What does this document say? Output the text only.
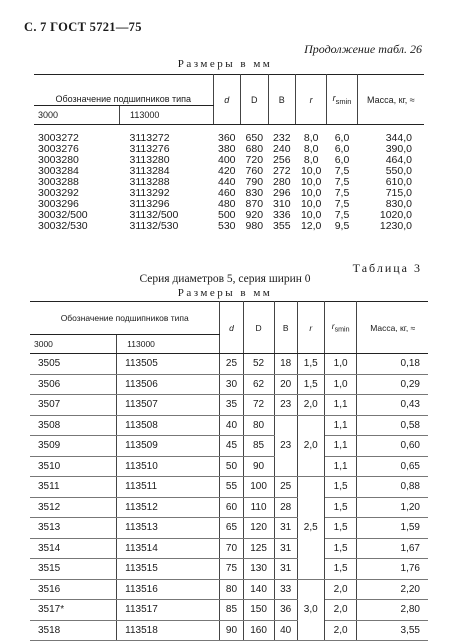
С. 7 ГОСТ 5721—75
Продолжение табл. 26
Размеры в мм
Обозначение подшипников типа		d	D	B	r	$r_{smin}$	Масса, кг, ≈
3000	113000						

3003272	3113272	360	650	232	8,0	6,0	344,0
3003276	3113276	380	680	240	8,0	6,0	390,0
3003280	3113280	400	720	256	8,0	6,0	464,0
3003284	3113284	420	760	272	10,0	7,5	550,0
3003288	3113288	440	790	280	10,0	7,5	610,0
3003292	3113292	460	830	296	10,0	7,5	715,0
3003296	3113296	480	870	310	10,0	7,5	830,0
30032/500	31132/500	500	920	336	10,0	7,5	1020,0
30032/530	31132/530	530	980	355	12,0	9,5	1230,0

Таблица 3
Серия диаметров 5, серия ширин 0
Размеры в мм
Обозначение подшипников типа		d	D	B	r	$r_{smin}$	Масса, кг, ≈
3000	113000						
3505	113505	25	52	18	1,5	1,0	0,18
3506	113506	30	62	20	1,5	1,0	0,29
3507	113507	35	72	23	2,0	1,1	0,43
3508	113508	40	80	23	2,0	1,1	0,58
3509	113509	45	85			1,1	0,60
3510	113510	50	90			1,1	0,65
3511	113511	55	100	25	2,5	1,5	0,88
3512	113512	60	110	28		1,5	1,20
3513	113513	65	120	31		1,5	1,59
3514	113514	70	125	31		1,5	1,67
3515	113515	75	130	31		1,5	1,76
3516	113516	80	140	33	3,0	2,0	2,20
3517*	113517	85	150	36		2,0	2,80
3518	113518	90	160	40		2,0	3,55
